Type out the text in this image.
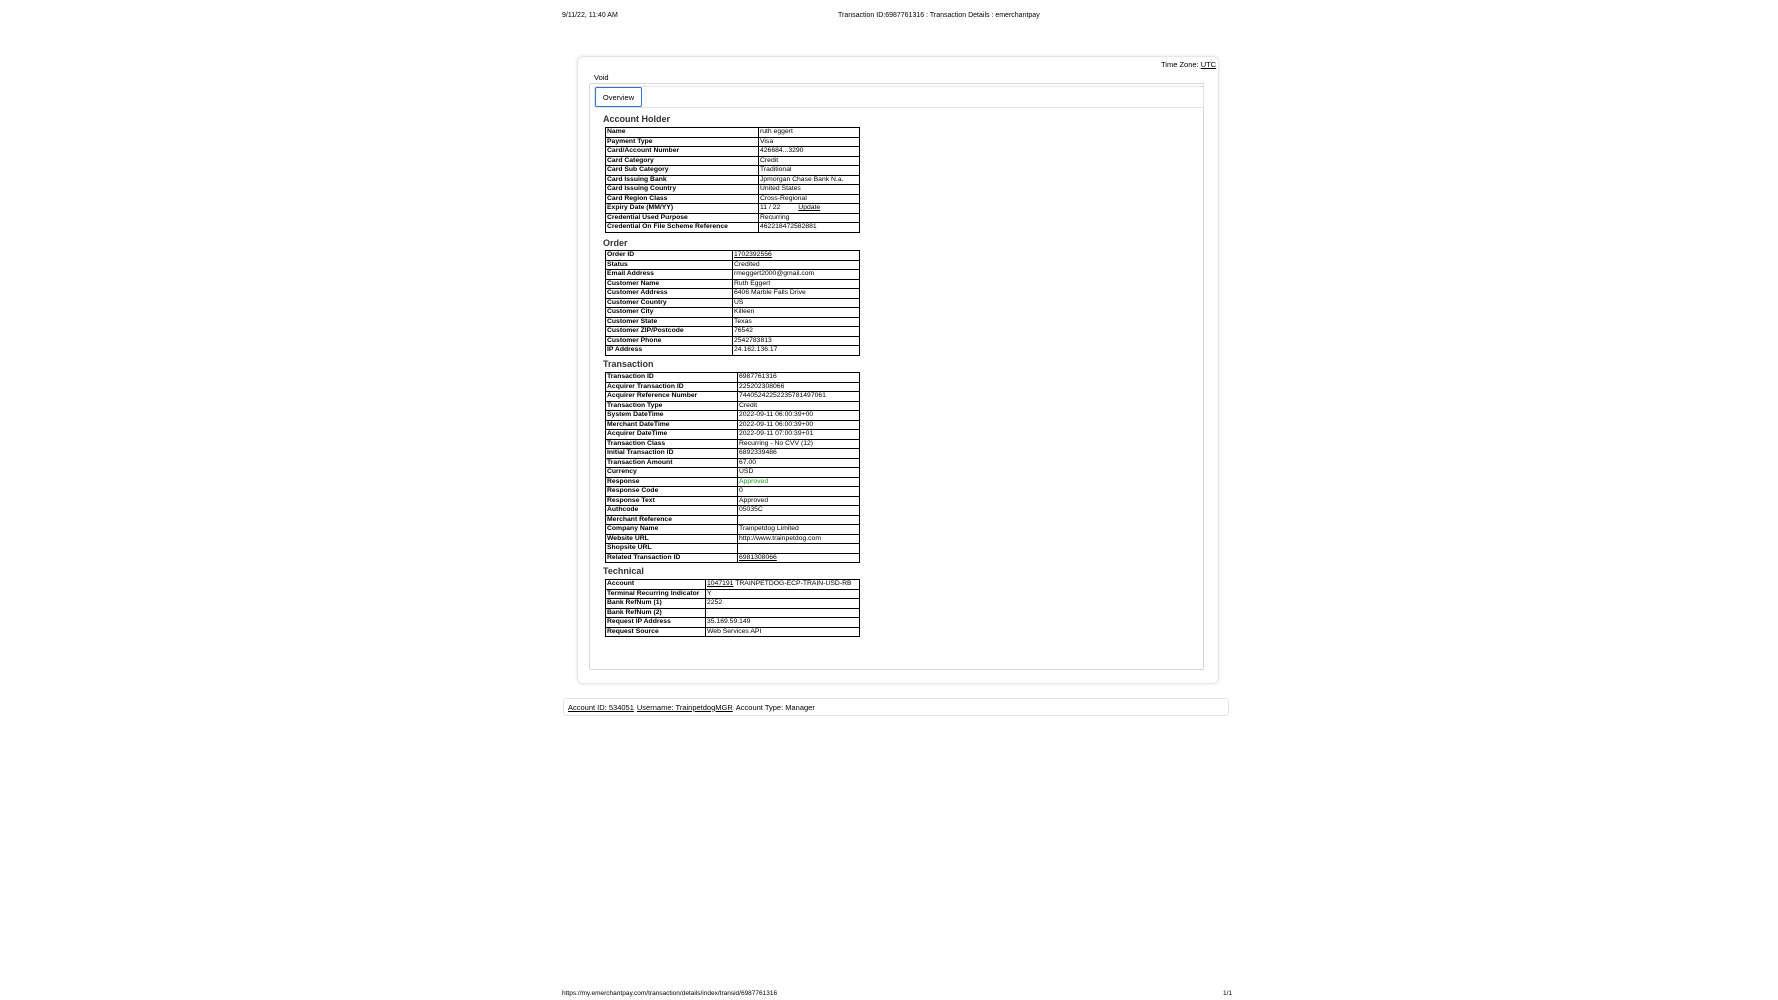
9/11/22, 11:40 AM	Transaction ID:6987761316 : Transaction Details : emerchantpay
Time Zone: UTC
Void
Overview
Account Holder
Name	ruth eggert
Payment Type	Visa
Card/Account Number	426684...3290
Card Category	Credit
Card Sub Category	Traditional
Card Issuing Bank	Jpmorgan Chase Bank N.a.
Card Issuing Country	United States
Card Region Class	Cross-Regional
Expiry Date (MM/YY)	11 / 22 Update
Credential Used Purpose	Recurring
Credential On File Scheme Reference	462218472582881
Order
Order ID	1702392556
Status	Credited
Email Address	rmeggert2000@gmail.com
Customer Name	Ruth Eggert
Customer Address	6406 Marble Falls Drive
Customer Country	US
Customer City	Killeen
Customer State	Texas
Customer ZIP/Postcode	76542
Customer Phone	2542783813
IP Address	24.162.136.17
Transaction
Transaction ID	6987761316
Acquirer Transaction ID	225202308066
Acquirer Reference Number	74405242252235781497061
Transaction Type	Credit
System DateTime	2022-09-11 06:00:39+00
Merchant DateTime	2022-09-11 06:00:39+00
Acquirer DateTime	2022-09-11 07:00:39+01
Transaction Class	Recurring - No CVV (12)
Initial Transaction ID	6892339486
Transaction Amount	67.00
Currency	USD
Response	Approved
Response Code	0
Response Text	Approved
Authcode	05035C
Merchant Reference	
Company Name	Trainpetdog Limited
Website URL	http://www.trainpetdog.com
Shopsite URL	
Related Transaction ID	6981308066
Technical
Account	1047191 TRAINPETDOG-ECP-TRAIN-USD-RB
Terminal Recurring Indicator	Y
Bank RefNum (1)	2252
Bank RefNum (2)	
Request IP Address	35.169.59.149
Request Source	Web Services API
Account ID: 534051 Username: TrainpetdogMGR Account Type: Manager
https://my.emerchantpay.com/transaction/details/index/transid/6987761316	1/1
